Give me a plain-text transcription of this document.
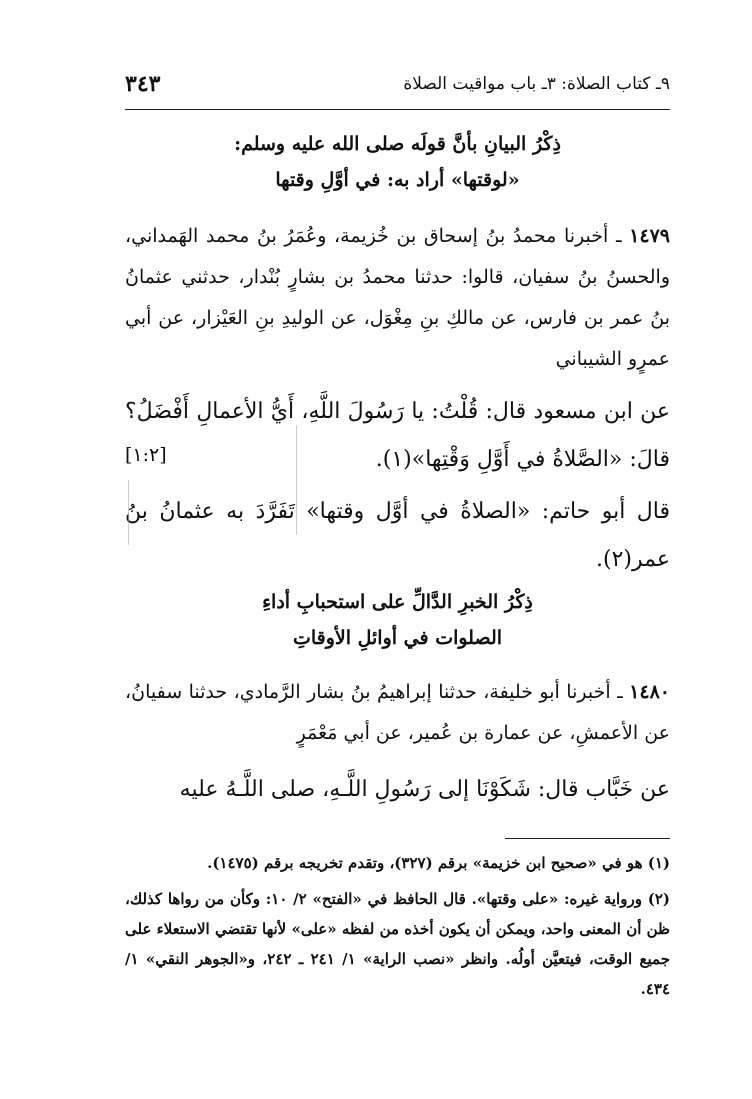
٩ـ كتاب الصلاة: ٣ـ باب مواقيت الصلاة
٣٤٣
ذِكْرُ البيانِ بأنَّ قولَه صلى الله عليه وسلم:
«لوقتها» أراد به: في أوَّلِ وقتها
١٤٧٩ ـ أخبرنا محمدُ بنُ إسحاق بن خُزيمة، وعُمَرُ بنُ محمد الهَمداني، والحسنُ بنُ سفيان، قالوا: حدثنا محمدُ بن بشارٍ بُنْدار، حدثني عثمانُ بنُ عمر بن فارس، عن مالكِ بنِ مِغْوَل، عن الوليدِ بنِ العَيْزار، عن أبي عمرٍو الشيباني
عن ابن مسعود قال: قُلْتُ: يا رَسُولَ اللَّهِ، أَيُّ الأعمالِ أَفْضَلُ؟ قالَ: «الصَّلاةُ في أَوَّلِ وَقْتِها»(١).
[١:٢]
قال أبو حاتم: «الصلاةُ في أوَّل وقتها» تَفَرَّدَ به عثمانُ بنُ عمر(٢).
ذِكْرُ الخبرِ الدَّالِّ على استحبابِ أداءِ
الصلوات في أوائلِ الأوقاتِ
١٤٨٠ ـ أخبرنا أبو خليفة، حدثنا إبراهيمُ بنُ بشار الرَّمادي، حدثنا سفيانُ، عن الأعمشِ، عن عمارة بن عُمير، عن أبي مَعْمَرٍ
عن خَبَّاب قال: شَكَوْنَا إلى رَسُولِ اللَّـهِ، صلى اللَّـهُ عليه
(١) هو في «صحيح ابن خزيمة» برقم (٣٢٧)، وتقدم تخريجه برقم (١٤٧٥).
(٢) ورواية غيره: «على وقتها». قال الحافظ في «الفتح» ٢/ ١٠: وكأن من رواها كذلك، ظن أن المعنى واحد، ويمكن أن يكون أخذه من لفظه «على» لأنها تقتضي الاستعلاء على جميع الوقت، فيتعيَّن أولُه. وانظر «نصب الراية» ١/ ٢٤١ ـ ٢٤٢، و«الجوهر النقي» ١/ ٤٣٤.
